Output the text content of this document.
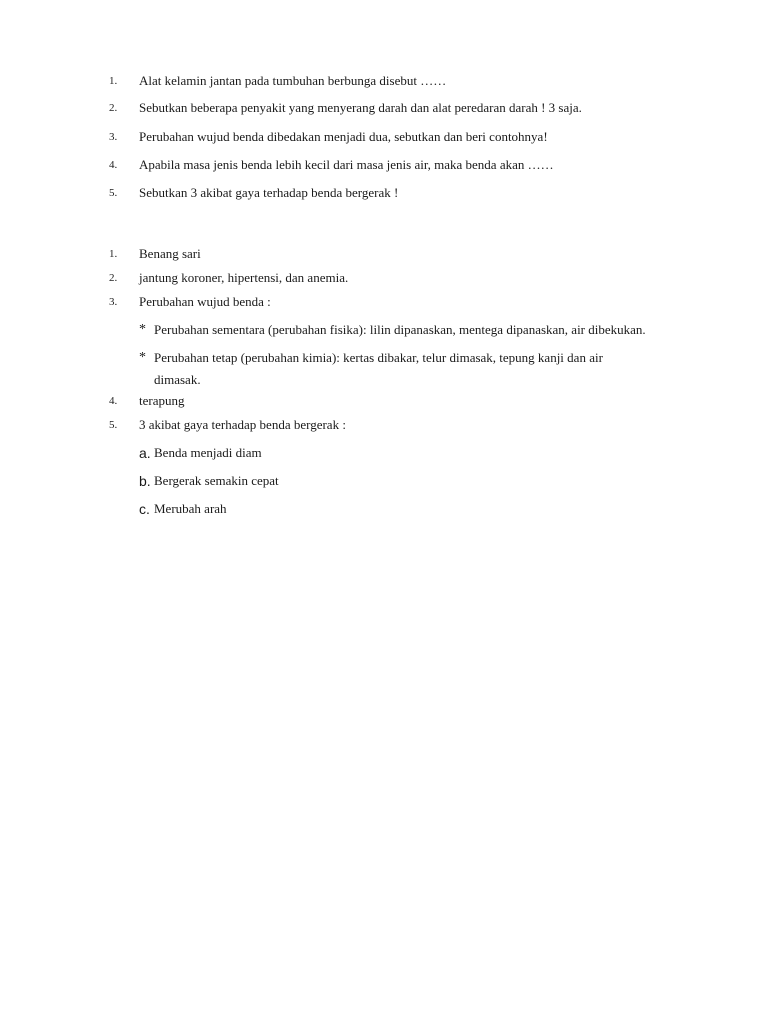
1. Alat kelamin jantan pada tumbuhan berbunga disebut ……
2. Sebutkan beberapa penyakit yang menyerang darah dan alat peredaran darah ! 3 saja.
3. Perubahan wujud benda dibedakan menjadi dua, sebutkan dan beri contohnya!
4. Apabila masa jenis benda lebih kecil dari masa jenis air, maka benda akan ……
5. Sebutkan 3 akibat gaya terhadap benda bergerak !
1. Benang sari
2. jantung koroner, hipertensi, dan anemia.
3. Perubahan wujud benda :
* Perubahan sementara (perubahan fisika): lilin dipanaskan, mentega dipanaskan, air dibekukan.
* Perubahan tetap (perubahan kimia): kertas dibakar, telur dimasak, tepung kanji dan air
dimasak.
4. terapung
5. 3 akibat gaya terhadap benda bergerak :
a. Benda menjadi diam
b. Bergerak semakin cepat
c. Merubah arah
